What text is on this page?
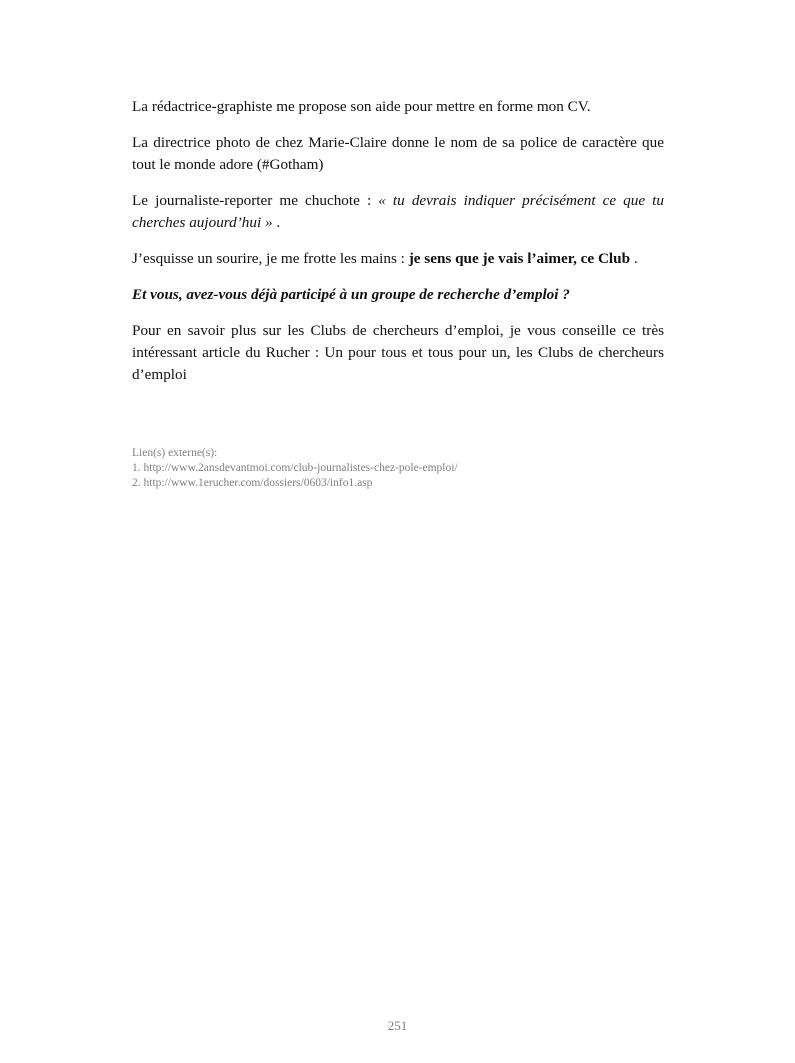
La rédactrice-graphiste me propose son aide pour mettre en forme mon CV.

La directrice photo de chez Marie-Claire donne le nom de sa police de caractère que tout le monde adore (#Gotham)

Le journaliste-reporter me chuchote : « tu devrais indiquer précisément ce que tu cherches aujourd’hui » .

J’esquisse un sourire, je me frotte les mains : je sens que je vais l’aimer, ce Club .

Et vous, avez-vous déjà participé à un groupe de recherche d’emploi ?

Pour en savoir plus sur les Clubs de chercheurs d’emploi, je vous conseille ce très intéressant article du Rucher : Un pour tous et tous pour un, les Clubs de chercheurs d’emploi

Lien(s) externe(s):
1. http://www.2ansdevantmoi.com/club-journalistes-chez-pole-emploi/
2. http://www.1erucher.com/dossiers/0603/info1.asp
251
